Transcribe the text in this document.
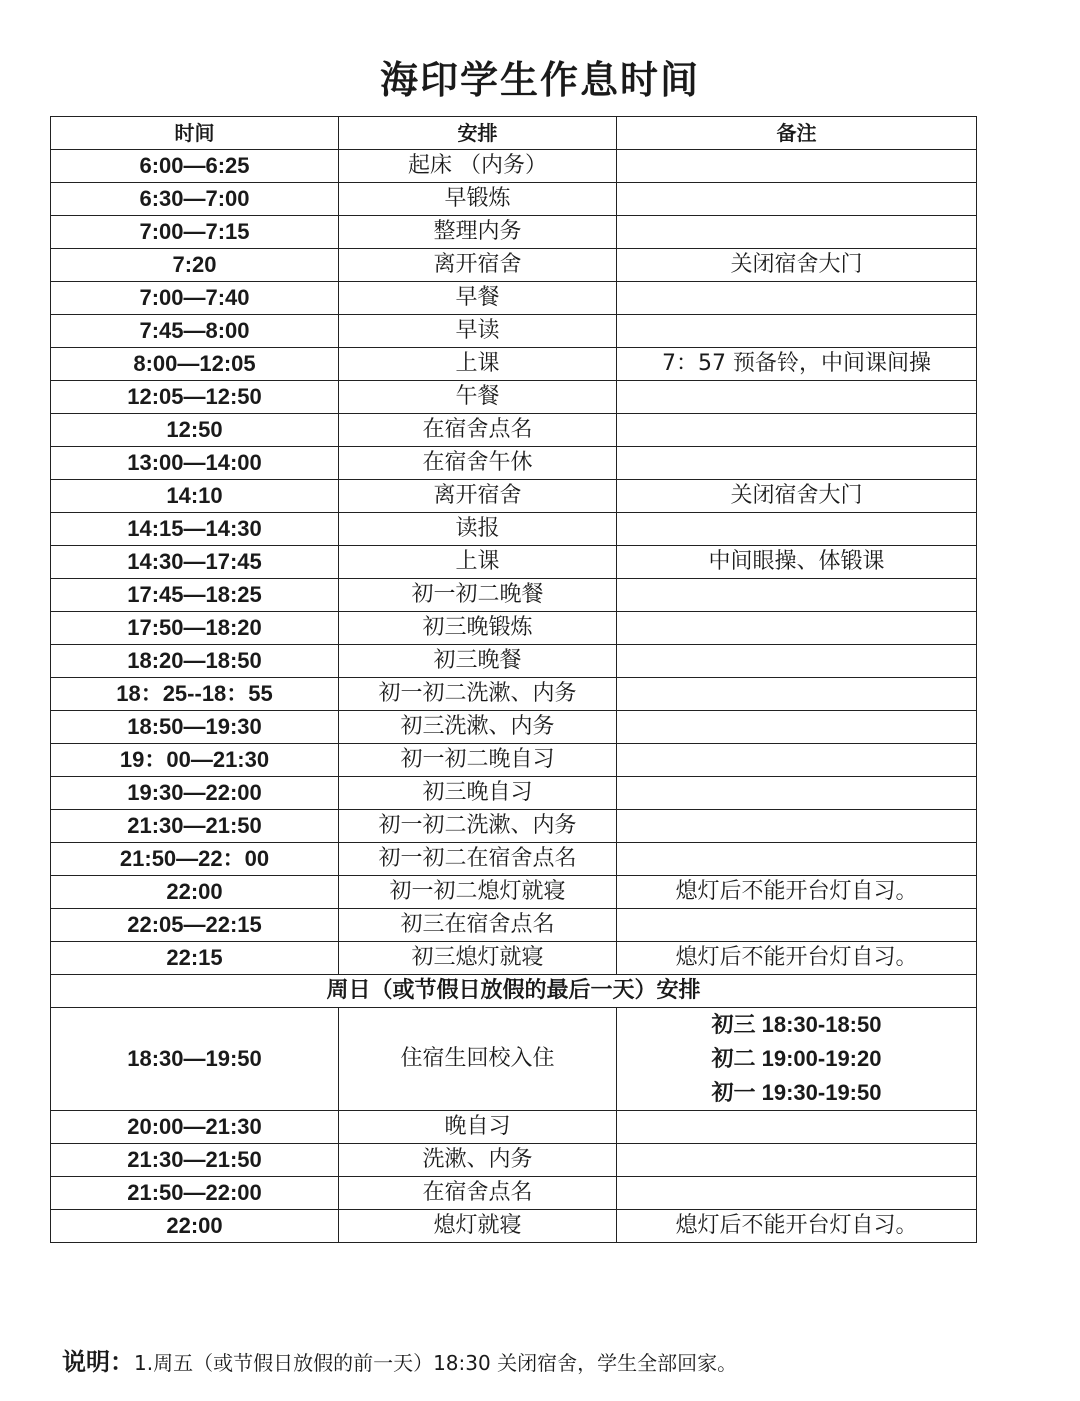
海印学生作息时间
时间	安排	备注
6:00—6:25	起床 （内务）	
6:30—7:00	早锻炼	
7:00—7:15	整理内务	
7:20	离开宿舍	关闭宿舍大门
7:00—7:40	早餐	
7:45—8:00	早读	
8:00—12:05	上课	7：57 预备铃，中间课间操
12:05—12:50	午餐	
12:50	在宿舍点名	
13:00—14:00	在宿舍午休	
14:10	离开宿舍	关闭宿舍大门
14:15—14:30	读报	
14:30—17:45	上课	中间眼操、体锻课
17:45—18:25	初一初二晚餐	
17:50—18:20	初三晚锻炼	
18:20—18:50	初三晚餐	
18：25--18：55	初一初二洗漱、内务	
18:50—19:30	初三洗漱、内务	
19：00—21:30	初一初二晚自习	
19:30—22:00	初三晚自习	
21:30—21:50	初一初二洗漱、内务	
21:50—22：00	初一初二在宿舍点名	
22:00	初一初二熄灯就寝	熄灯后不能开台灯自习。
22:05—22:15	初三在宿舍点名	
22:15	初三熄灯就寝	熄灯后不能开台灯自习。
周日（或节假日放假的最后一天）安排		
18:30—19:50	住宿生回校入住	初三 18:30-18:50
初二 19:00-19:20
初一 19:30-19:50

20:00—21:30	晚自习	
21:30—21:50	洗漱、内务	
21:50—22:00	在宿舍点名	
22:00	熄灯就寝	熄灯后不能开台灯自习。
说明：1.周五（或节假日放假的前一天）18:30 关闭宿舍，学生全部回家。
